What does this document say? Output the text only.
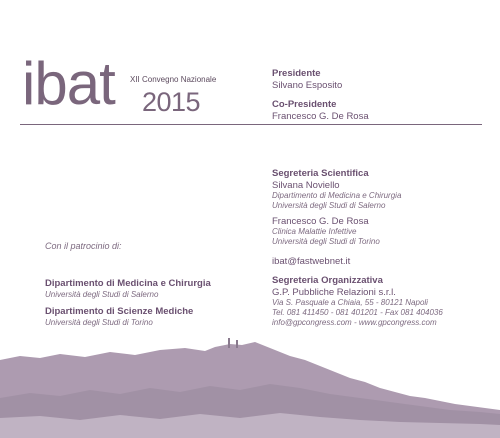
ibat XII Convegno Nazionale
2015
Presidente
Silvano Esposito
Co-Presidente
Francesco G. De Rosa
Segreteria Scientifica
Silvana Noviello
Dipartimento di Medicina e Chirurgia
Università degli Studi di Salerno
Francesco G. De Rosa
Clinica Malattie Infettive
Università degli Studi di Torino
ibat@fastwebnet.it
Segreteria Organizzativa
G.P. Pubbliche Relazioni s.r.l.
Via S. Pasquale a Chiaia, 55 - 80121 Napoli
Tel. 081 411450 - 081 401201 - Fax 081 404036
info@gpcongress.com - www.gpcongress.com
Con il patrocinio di:
Dipartimento di Medicina e Chirurgia
Università degli Studi di Salerno
Dipartimento di Scienze Mediche
Università degli Studi di Torino
